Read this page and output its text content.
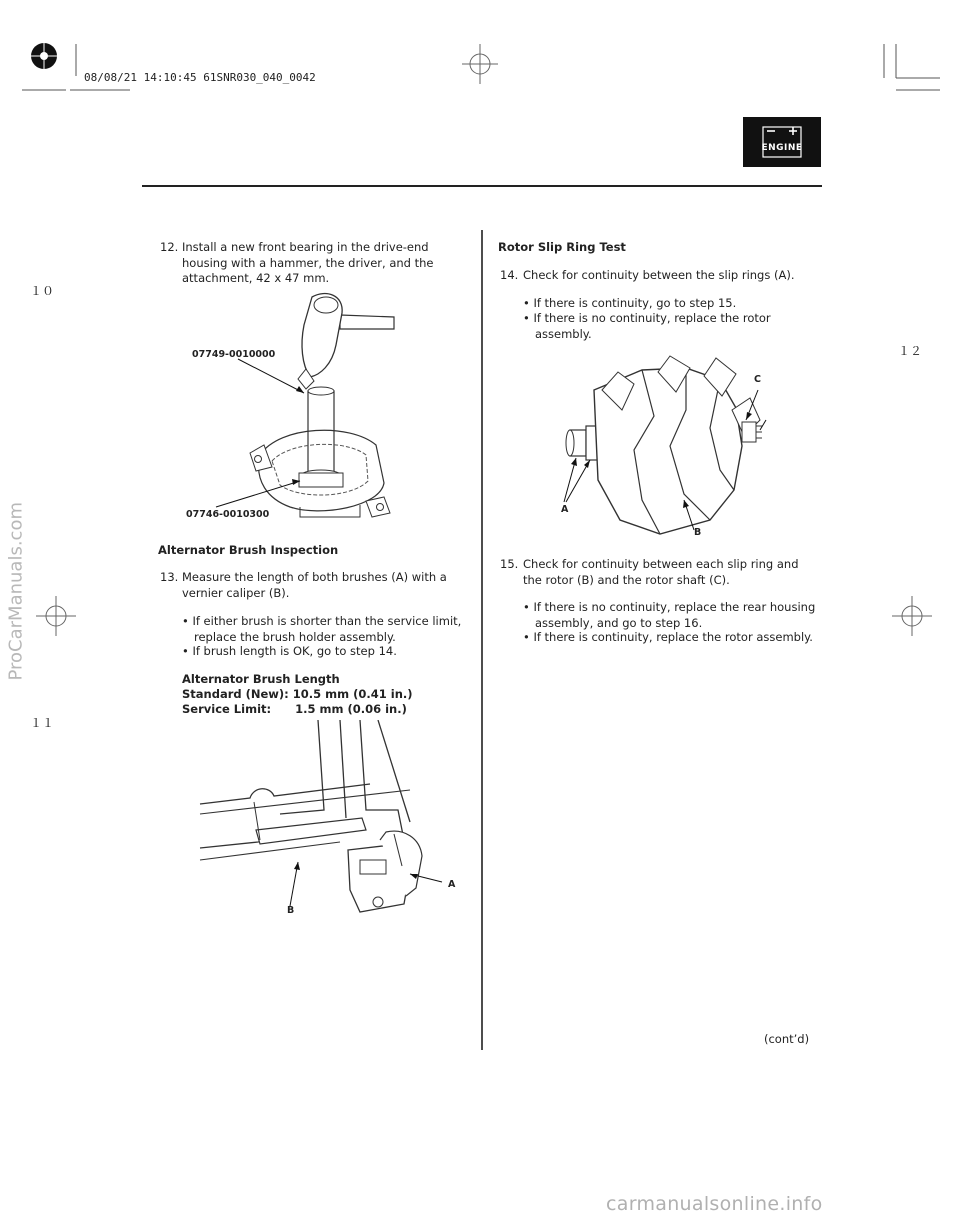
08/08/21 14:10:45 61SNR030_040_0042
ENGINE
１０
１１
１２
ProCarManuals.com
12. Install a new front bearing in the drive-end housing with a hammer, the driver, and the attachment, 42 x 47 mm.
07749-0010000
07746-0010300
Alternator Brush Inspection
13. Measure the length of both brushes (A) with a vernier caliper (B).
• If either brush is shorter than the service limit, replace the brush holder assembly.
• If brush length is OK, go to step 14.
Alternator Brush Length
Standard (New): 10.5 mm (0.41 in.)
Service Limit:      1.5 mm (0.06 in.)
A
B
Rotor Slip Ring Test
14. Check for continuity between the slip rings (A).
• If there is continuity, go to step 15.
• If there is no continuity, replace the rotor assembly.
C
A
B
15. Check for continuity between each slip ring and the rotor (B) and the rotor shaft (C).
• If there is no continuity, replace the rear housing assembly, and go to step 16.
• If there is continuity, replace the rotor assembly.
(cont’d)
carmanualsonline.info
